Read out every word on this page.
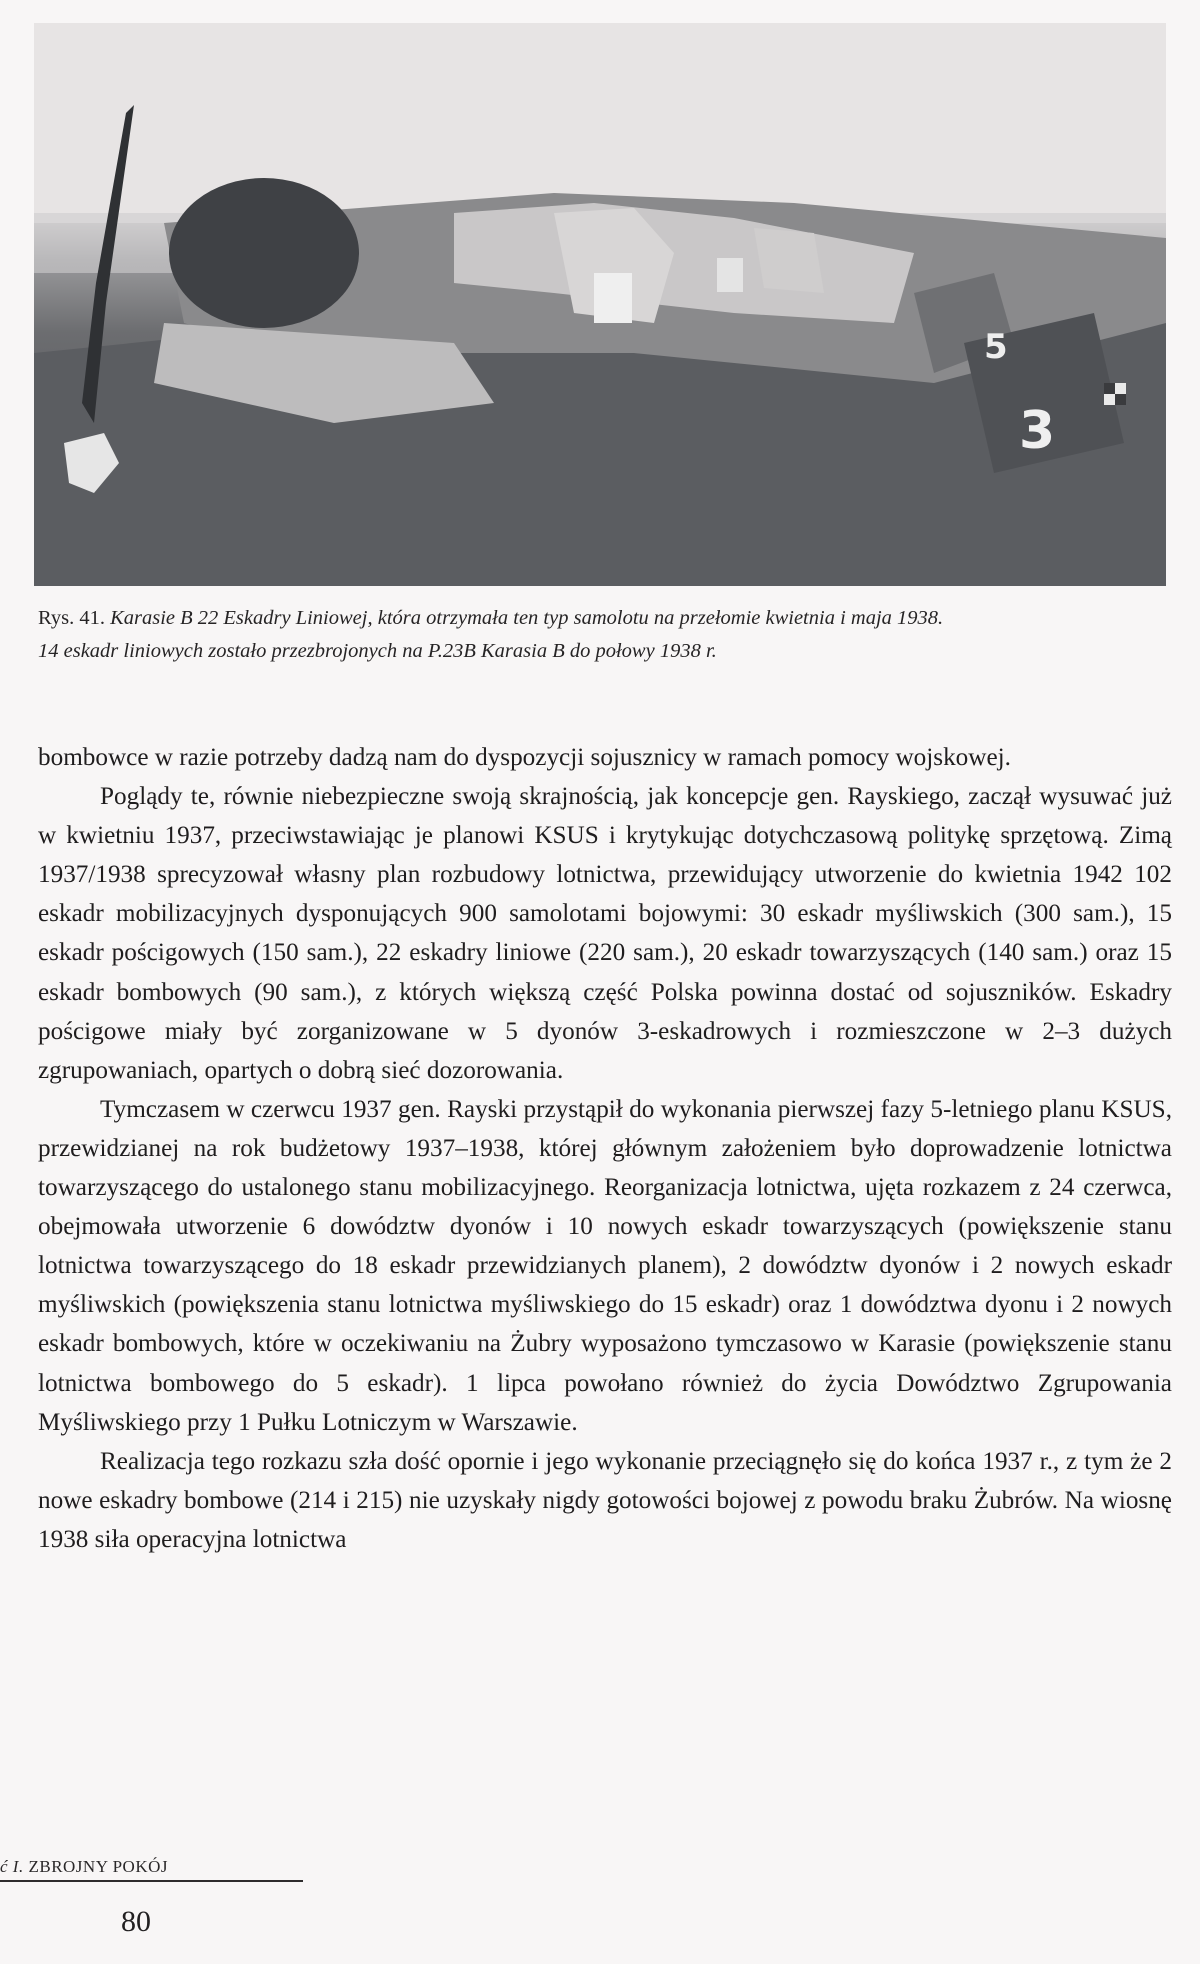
5
3
Rys. 41. Karasie B 22 Eskadry Liniowej, która otrzymała ten typ samolotu na przełomie kwietnia i maja 1938.
14 eskadr liniowych zostało przezbrojonych na P.23B Karasia B do połowy 1938 r.

bombowce w razie potrzeby dadzą nam do dyspozycji sojusznicy w ramach pomocy wojskowej.

Poglądy te, równie niebezpieczne swoją skrajnością, jak koncepcje gen. Rayskiego, zaczął wysuwać już w kwietniu 1937, przeciwstawiając je planowi KSUS i krytykując dotychczasową politykę sprzętową. Zimą 1937/1938 sprecyzował własny plan rozbudowy lotnictwa, przewidujący utworzenie do kwietnia 1942 102 eskadr mobilizacyjnych dysponujących 900 samolotami bojowymi: 30 eskadr myśliwskich (300 sam.), 15 eskadr pościgowych (150 sam.), 22 eskadry liniowe (220 sam.), 20 eskadr towarzyszących (140 sam.) oraz 15 eskadr bombowych (90 sam.), z których większą część Polska powinna dostać od sojuszników. Eskadry pościgowe miały być zorganizowane w 5 dyonów 3-eskadrowych i rozmieszczone w 2–3 dużych zgrupowaniach, opartych o dobrą sieć dozorowania.

Tymczasem w czerwcu 1937 gen. Rayski przystąpił do wykonania pierwszej fazy 5-letniego planu KSUS, przewidzianej na rok budżetowy 1937–1938, której głównym założeniem było doprowadzenie lotnictwa towarzyszącego do ustalonego stanu mobilizacyjnego. Reorganizacja lotnictwa, ujęta rozkazem z 24 czerwca, obejmowała utworzenie 6 dowództw dyonów i 10 nowych eskadr towarzyszących (powiększenie stanu lotnictwa towarzyszącego do 18 eskadr przewidzianych planem), 2 dowództw dyonów i 2 nowych eskadr myśliwskich (powiększenia stanu lotnictwa myśliwskiego do 15 eskadr) oraz 1 dowództwa dyonu i 2 nowych eskadr bombowych, które w oczekiwaniu na Żubry wyposażono tymczasowo w Karasie (powiększenie stanu lotnictwa bombowego do 5 eskadr). 1 lipca powołano również do życia Dowództwo Zgrupowania Myśliwskiego przy 1 Pułku Lotniczym w Warszawie.

Realizacja tego rozkazu szła dość opornie i jego wykonanie przeciągnęło się do końca 1937 r., z tym że 2 nowe eskadry bombowe (214 i 215) nie uzyskały nigdy gotowości bojowej z powodu braku Żubrów. Na wiosnę 1938 siła operacyjna lotnictwa

ć I. ZBROJNY POKÓJ
80
